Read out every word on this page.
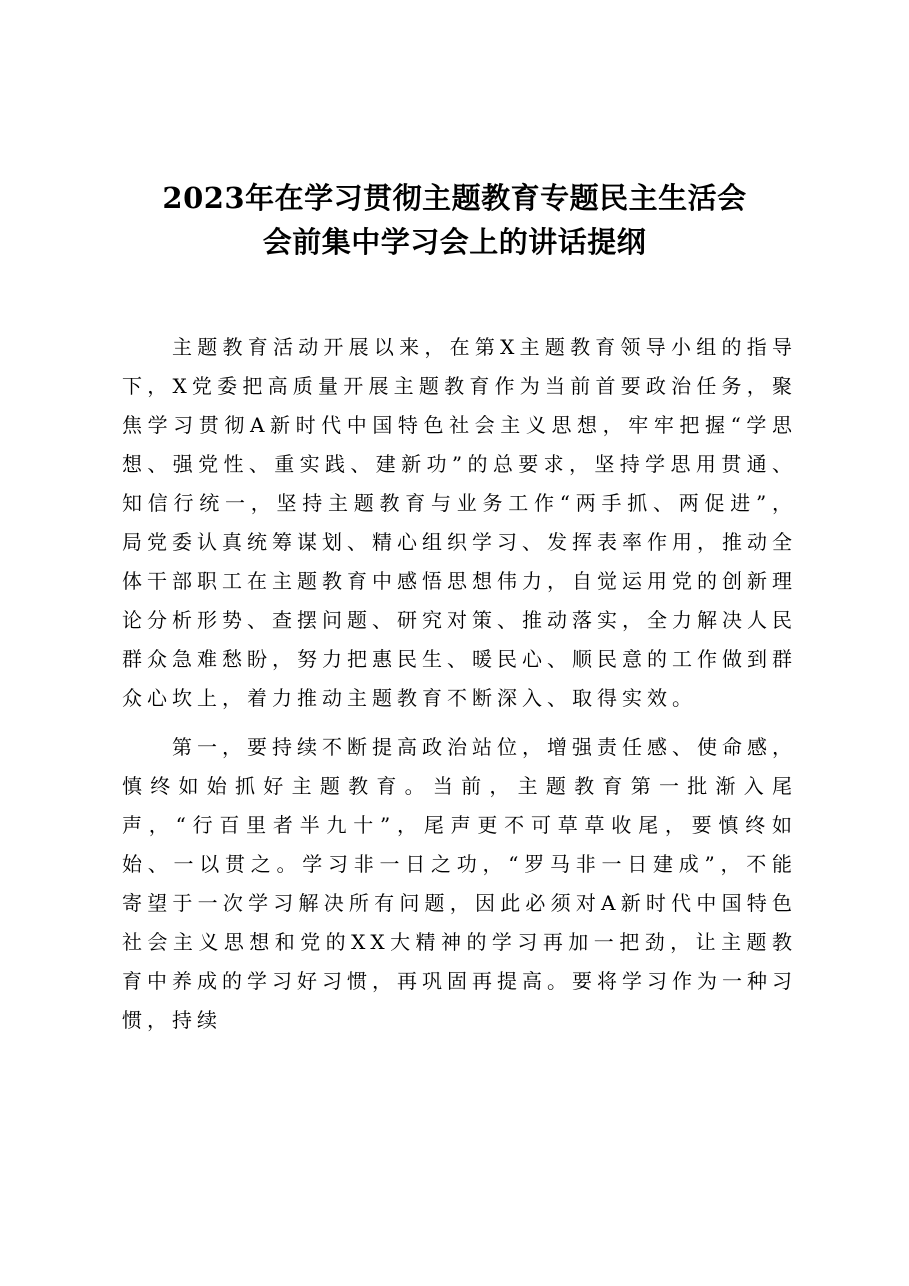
2023年在学习贯彻主题教育专题民主生活会
会前集中学习会上的讲话提纲

主题教育活动开展以来，在第X主题教育领导小组的指导下，X党委把高质量开展主题教育作为当前首要政治任务，聚焦学习贯彻A新时代中国特色社会主义思想，牢牢把握“学思想、强党性、重实践、建新功”的总要求，坚持学思用贯通、知信行统一，坚持主题教育与业务工作“两手抓、两促进”，局党委认真统筹谋划、精心组织学习、发挥表率作用，推动全体干部职工在主题教育中感悟思想伟力，自觉运用党的创新理论分析形势、查摆问题、研究对策、推动落实，全力解决人民群众急难愁盼，努力把惠民生、暖民心、顺民意的工作做到群众心坎上，着力推动主题教育不断深入、取得实效。

第一，要持续不断提高政治站位，增强责任感、使命感，慎终如始抓好主题教育。当前，主题教育第一批渐入尾声，“行百里者半九十”，尾声更不可草草收尾，要慎终如始、一以贯之。学习非一日之功，“罗马非一日建成”，不能寄望于一次学习解决所有问题，因此必须对A新时代中国特色社会主义思想和党的XX大精神的学习再加一把劲，让主题教育中养成的学习好习惯，再巩固再提高。要将学习作为一种习惯，持续
